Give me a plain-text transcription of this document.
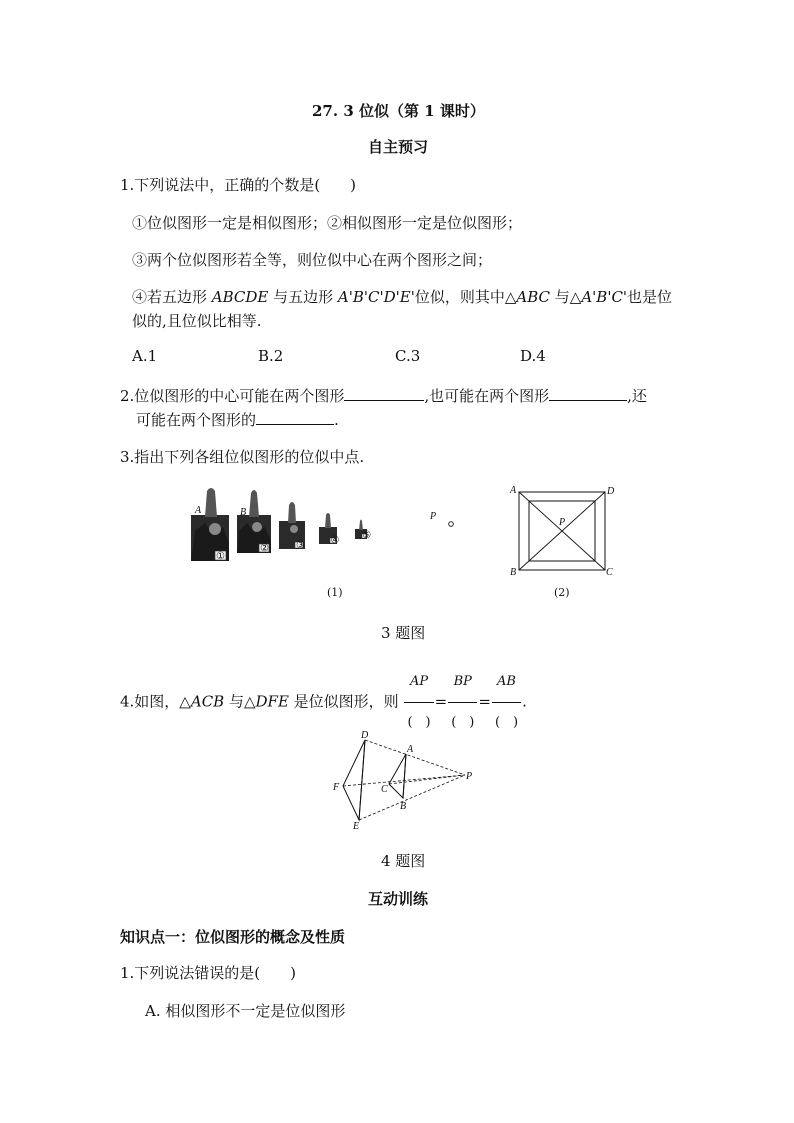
27. 3 位似（第 1 课时）
自主预习
1.下列说法中，正确的个数是(　　)
①位似图形一定是相似图形；②相似图形一定是位似图形；
③两个位似图形若全等，则位似中心在两个图形之间；
④若五边形 ABCDE 与五边形 A'B'C'D'E'位似，则其中△ABC 与△A'B'C'也是位
似的,且位似比相等.
A.1	B.2	C.3	D.4
2.位似图形的中心可能在两个图形	,也可能在两个图形	,还
可能在两个图形的	.
3.指出下列各组位似图形的位似中点.
A
①
B
②	③	④ ⑤
(1)
P
A	D
B	C
P
(2)
3 题图
4.如图，△ACB 与△DFE 是位似图形，则 $\frac{AP}{( )} = \frac{BP}{( )} = \frac{AB}{( )}$ .
D
A
F	C
P
B
E
4 题图
互动训练
知识点一：位似图形的概念及性质
1.下列说法错误的是(　　)
A. 相似图形不一定是位似图形
